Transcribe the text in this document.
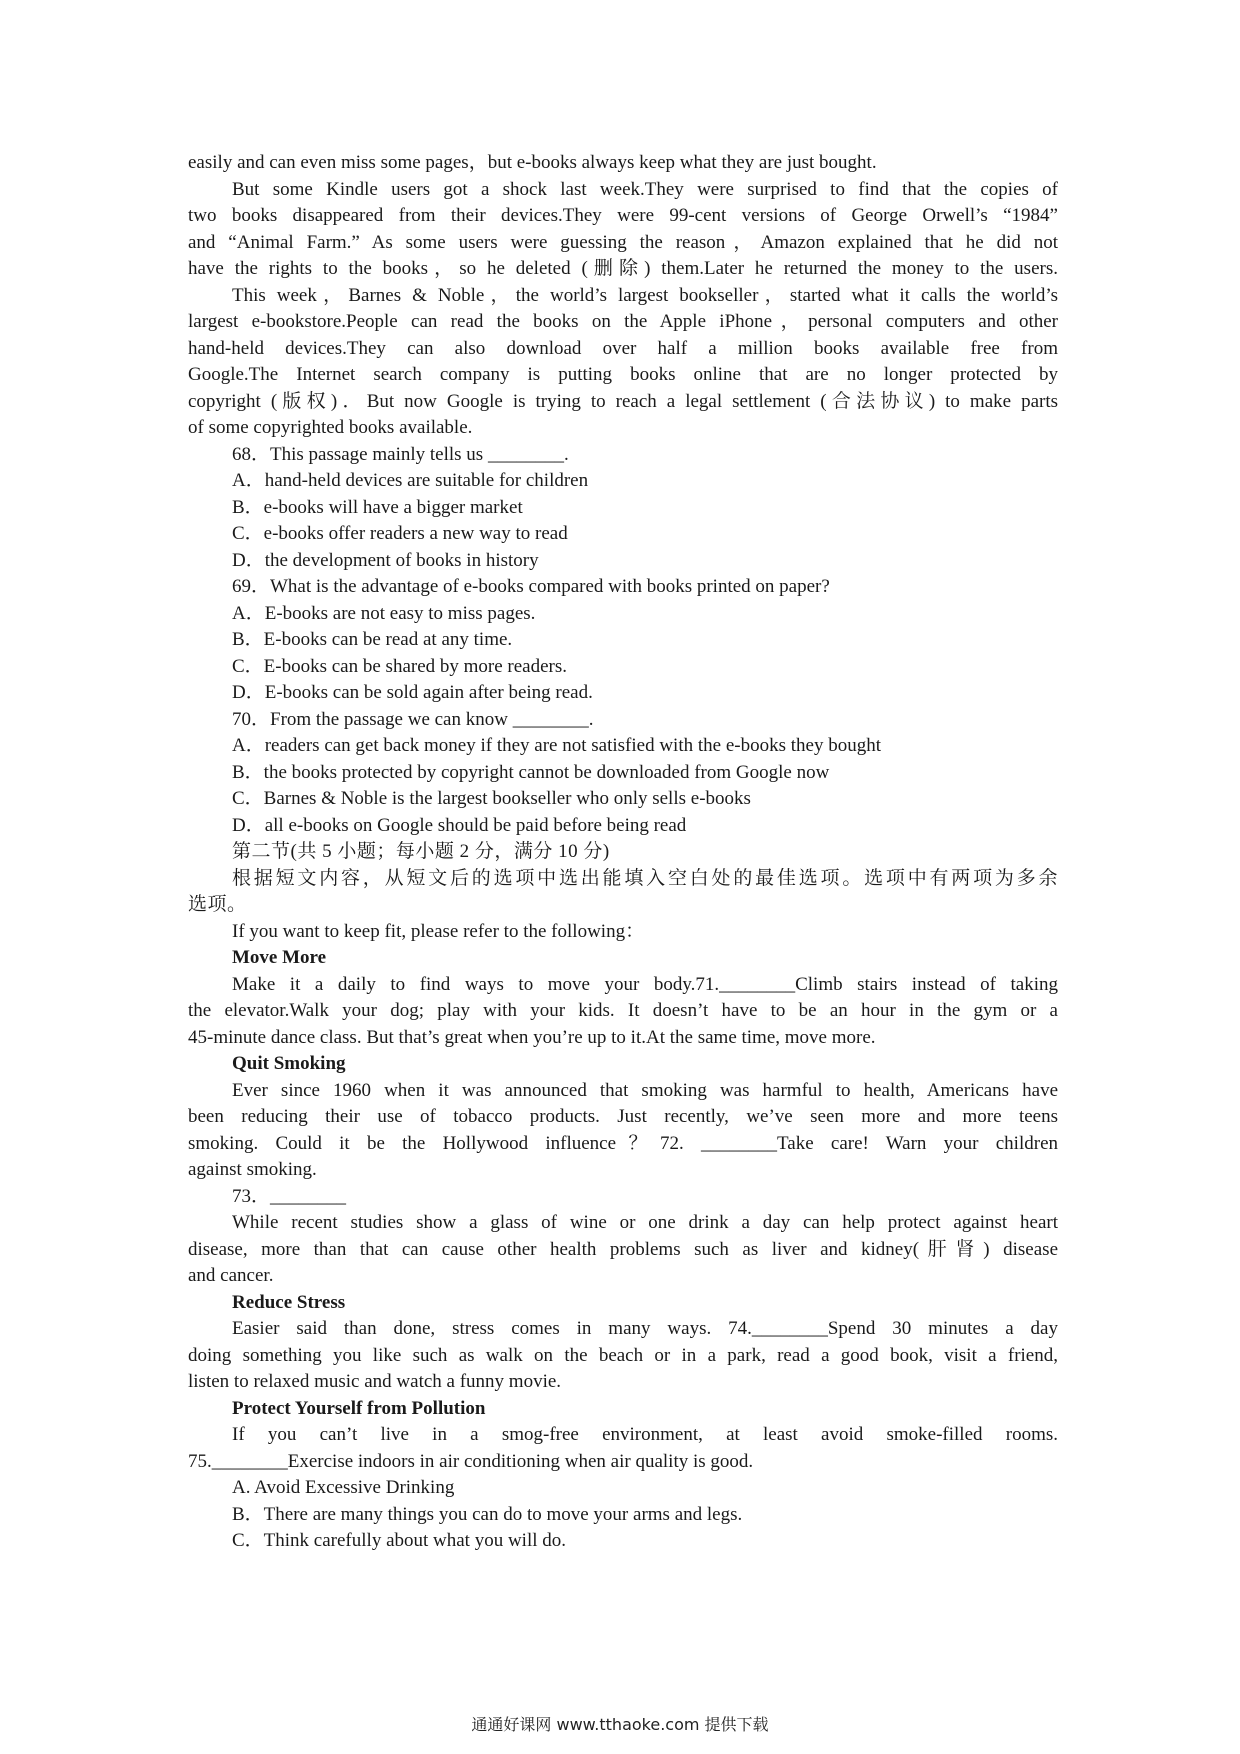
easily and can even miss some pages，but e-books always keep what they are just bought.

But some Kindle users got a shock last week.They were surprised to find that the copies of

two books disappeared from their devices.They were 99-cent versions of George Orwell’s “1984”

and “Animal Farm.” As some users were guessing the reason，Amazon explained that he did not

have the rights to the books，so he deleted (删除) them.Later he returned the money to the users.

This week，Barnes & Noble，the world’s largest bookseller，started what it calls the world’s

largest e-bookstore.People can read the books on the Apple iPhone，personal computers and other

hand-held devices.They can also download over half a million books available free from

Google.The Internet search company is putting books online that are no longer protected by

copyright (版权)．But now Google is trying to reach a legal settlement (合法协议) to make parts

of some copyrighted books available.

68．This passage mainly tells us ________.

A．hand-held devices are suitable for children

B．e-books will have a bigger market

C．e-books offer readers a new way to read

D．the development of books in history

69．What is the advantage of e-books compared with books printed on paper?

A．E-books are not easy to miss pages.

B．E-books can be read at any time.

C．E-books can be shared by more readers.

D．E-books can be sold again after being read.

70．From the passage we can know ________.

A．readers can get back money if they are not satisfied with the e-books they bought

B．the books protected by copyright cannot be downloaded from Google now

C．Barnes & Noble is the largest bookseller who only sells e-books

D．all e-books on Google should be paid before being read

第二节(共 5 小题；每小题 2 分，满分 10 分)

根据短文内容，从短文后的选项中选出能填入空白处的最佳选项。选项中有两项为多余

选项。

If you want to keep fit, please refer to the following：

Move More

Make it a daily to find ways to move your body.71.________Climb stairs instead of taking

the elevator.Walk your dog; play with your kids. It doesn’t have to be an hour in the gym or a

45-minute dance class. But that’s great when you’re up to it.At the same time, move more.

Quit Smoking

Ever since 1960 when it was announced that smoking was harmful to health, Americans have

been reducing their use of tobacco products. Just recently, we’ve seen more and more teens

smoking. Could it be the Hollywood influence？72. ________Take care! Warn your children

against smoking.

73．________

While recent studies show a glass of wine or one drink a day can help protect against heart

disease, more than that can cause other health problems such as liver and kidney(肝肾) disease

and cancer.

Reduce Stress

Easier said than done, stress comes in many ways. 74.________Spend 30 minutes a day

doing something you like such as walk on the beach or in a park, read a good book, visit a friend,

listen to relaxed music and watch a funny movie.

Protect Yourself from Pollution

If you can’t live in a smog-free environment, at least avoid smoke-filled rooms.

75.________Exercise indoors in air conditioning when air quality is good.

A. Avoid Excessive Drinking

B．There are many things you can do to move your arms and legs.

C．Think carefully about what you will do.

通通好课网 www.tthaoke.com 提供下载
